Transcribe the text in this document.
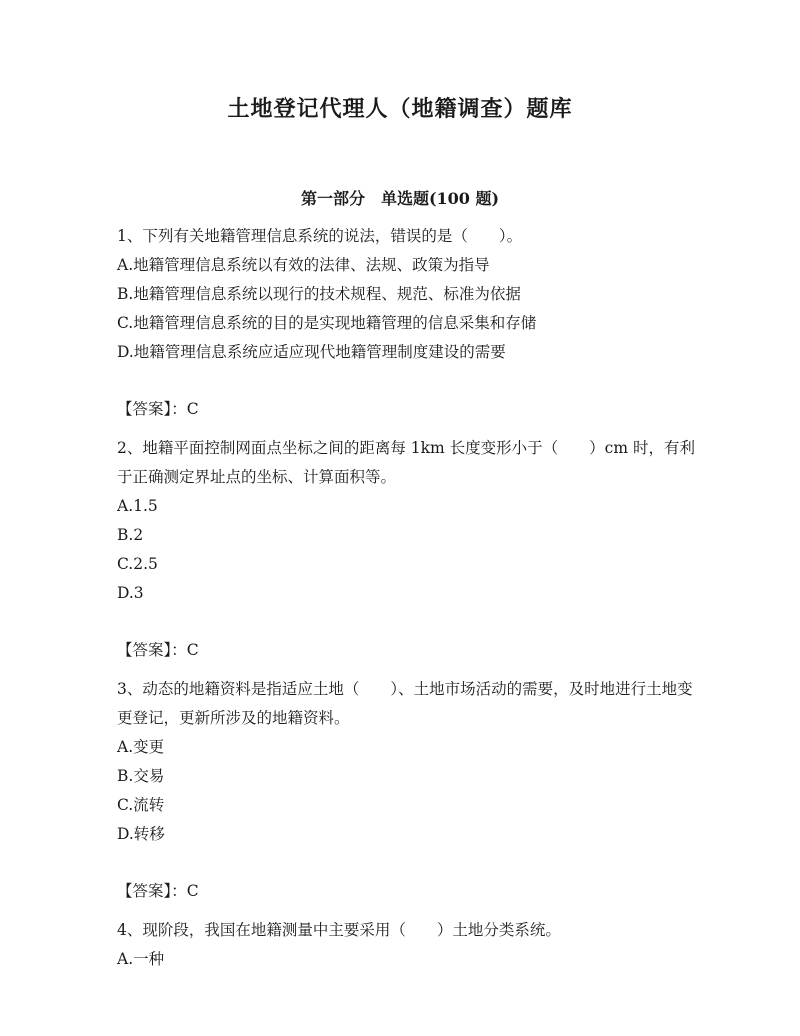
土地登记代理人（地籍调查）题库
第一部分　单选题(100 题)

1、下列有关地籍管理信息系统的说法，错误的是（　　）。

A.地籍管理信息系统以有效的法律、法规、政策为指导

B.地籍管理信息系统以现行的技术规程、规范、标准为依据

C.地籍管理信息系统的目的是实现地籍管理的信息采集和存储

D.地籍管理信息系统应适应现代地籍管理制度建设的需要

【答案】：C

2、地籍平面控制网面点坐标之间的距离每 1km 长度变形小于（　　）cm 时，有利于正确测定界址点的坐标、计算面积等。

A.1.5

B.2

C.2.5

D.3

【答案】：C

3、动态的地籍资料是指适应土地（　　）、土地市场活动的需要，及时地进行土地变更登记，更新所涉及的地籍资料。

A.变更

B.交易

C.流转

D.转移

【答案】：C

4、现阶段，我国在地籍测量中主要采用（　　）土地分类系统。

A.一种
